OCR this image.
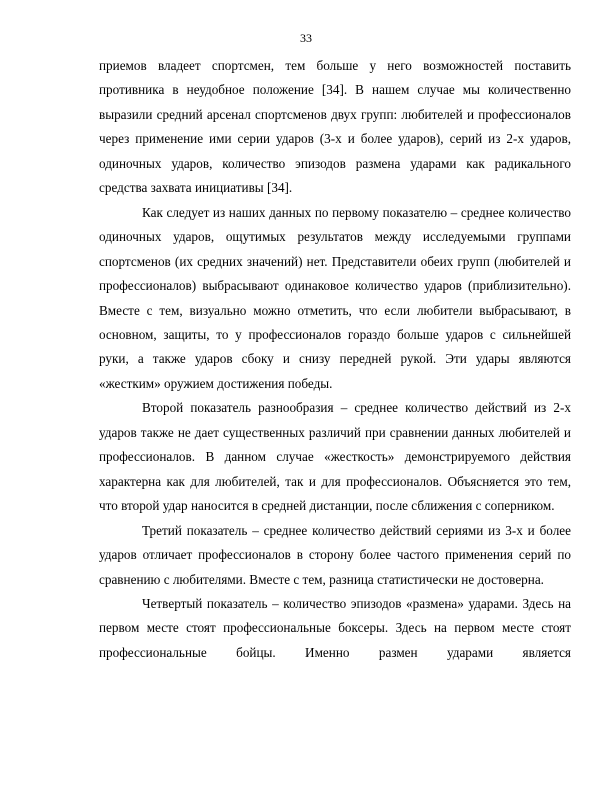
33

приемов владеет спортсмен, тем больше у него возможностей поставить противника в неудобное положение [34]. В нашем случае мы количественно выразили средний арсенал спортсменов двух групп: любителей и профессионалов через применение ими серии ударов (3-х и более ударов), серий из 2-х ударов, одиночных ударов, количество эпизодов размена ударами как радикального средства захвата инициативы [34].

Как следует из наших данных по первому показателю – среднее количество одиночных ударов, ощутимых результатов между исследуемыми группами спортсменов (их средних значений) нет. Представители обеих групп (любителей и профессионалов) выбрасывают одинаковое количество ударов (приблизительно). Вместе с тем, визуально можно отметить, что если любители выбрасывают, в основном, защиты, то у профессионалов гораздо больше ударов с сильнейшей руки, а также ударов сбоку и снизу передней рукой. Эти удары являются «жестким» оружием достижения победы.

Второй показатель разнообразия – среднее количество действий из 2-х ударов также не дает существенных различий при сравнении данных любителей и профессионалов. В данном случае «жесткость» демонстрируемого действия характерна как для любителей, так и для профессионалов. Объясняется это тем, что второй удар наносится в средней дистанции, после сближения с соперником.

Третий показатель – среднее количество действий сериями из 3-х и более ударов отличает профессионалов в сторону более частого применения серий по сравнению с любителями. Вместе с тем, разница статистически не достоверна.

Четвертый показатель – количество эпизодов «размена» ударами. Здесь на первом месте стоят профессиональные боксеры. Здесь на первом месте стоят профессиональные бойцы. Именно размен ударами является
